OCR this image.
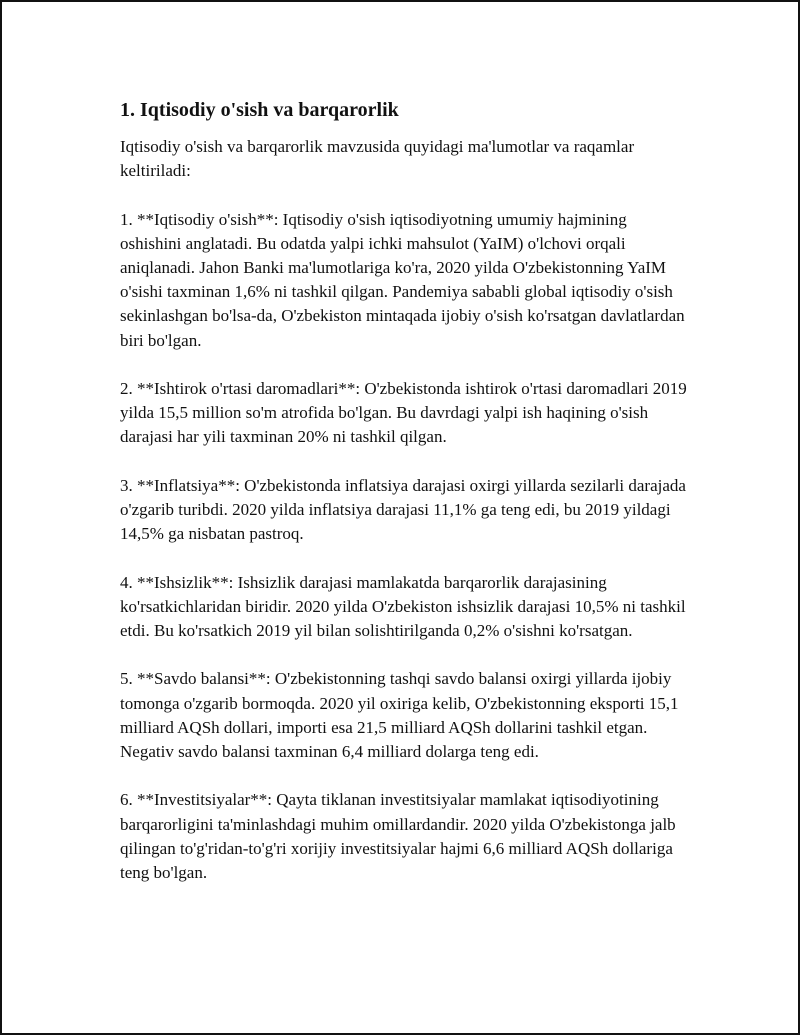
1. Iqtisodiy o'sish va barqarorlik

Iqtisodiy o'sish va barqarorlik mavzusida quyidagi ma'lumotlar va raqamlar keltiriladi:

1. **Iqtisodiy o'sish**: Iqtisodiy o'sish iqtisodiyotning umumiy hajmining oshishini anglatadi. Bu odatda yalpi ichki mahsulot (YaIM) o'lchovi orqali aniqlanadi. Jahon Banki ma'lumotlariga ko'ra, 2020 yilda O'zbekistonning YaIM o'sishi taxminan 1,6% ni tashkil qilgan. Pandemiya sababli global iqtisodiy o'sish sekinlashgan bo'lsa-da, O'zbekiston mintaqada ijobiy o'sish ko'rsatgan davlatlardan biri bo'lgan.

2. **Ishtirok o'rtasi daromadlari**: O'zbekistonda ishtirok o'rtasi daromadlari 2019 yilda 15,5 million so'm atrofida bo'lgan. Bu davrdagi yalpi ish haqining o'sish darajasi har yili taxminan 20% ni tashkil qilgan.

3. **Inflatsiya**: O'zbekistonda inflatsiya darajasi oxirgi yillarda sezilarli darajada o'zgarib turibdi. 2020 yilda inflatsiya darajasi 11,1% ga teng edi, bu 2019 yildagi 14,5% ga nisbatan pastroq.

4. **Ishsizlik**: Ishsizlik darajasi mamlakatda barqarorlik darajasining ko'rsatkichlaridan biridir. 2020 yilda O'zbekiston ishsizlik darajasi 10,5% ni tashkil etdi. Bu ko'rsatkich 2019 yil bilan solishtirilganda 0,2% o'sishni ko'rsatgan.

5. **Savdo balansi**: O'zbekistonning tashqi savdo balansi oxirgi yillarda ijobiy tomonga o'zgarib bormoqda. 2020 yil oxiriga kelib, O'zbekistonning eksporti 15,1 milliard AQSh dollari, importi esa 21,5 milliard AQSh dollarini tashkil etgan. Negativ savdo balansi taxminan 6,4 milliard dolarga teng edi.

6. **Investitsiyalar**: Qayta tiklanan investitsiyalar mamlakat iqtisodiyotining barqarorligini ta'minlashdagi muhim omillardandir. 2020 yilda O'zbekistonga jalb qilingan to'g'ridan-to'g'ri xorijiy investitsiyalar hajmi 6,6 milliard AQSh dollariga teng bo'lgan.
